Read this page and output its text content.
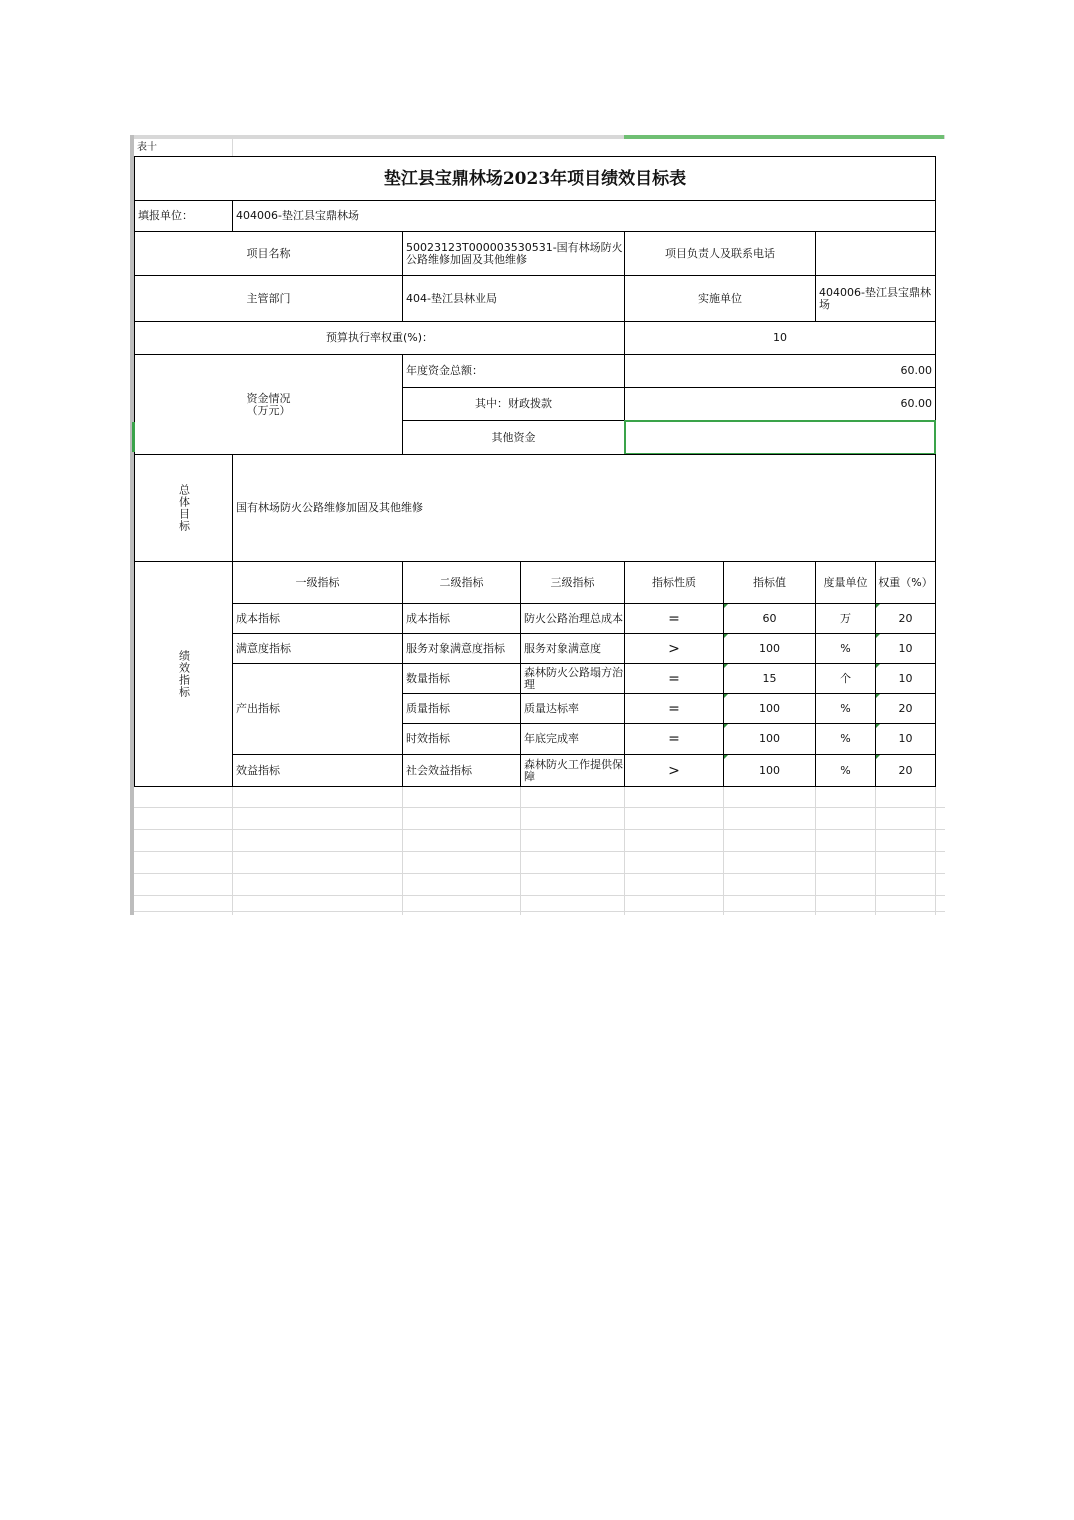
表十
垫江县宝鼎林场2023年项目绩效目标表
填报单位：	404006-垫江县宝鼎林场
项目名称	50023123T000003530531-国有林场防火公路维修加固及其他维修	项目负责人及联系电话
主管部门	404-垫江县林业局	实施单位	404006-垫江县宝鼎林场
预算执行率权重(%)：	10
资金情况
（万元）
年度资金总额：	60.00
其中：财政拨款	60.00
其他资金
总体目标	国有林场防火公路维修加固及其他维修
绩效指标
一级指标	二级指标	三级指标	指标性质	指标值	度量单位 权重（%）
成本指标	成本指标	防火公路治理总成本	=	60	万	20
满意度指标	服务对象满意度指标	服务对象满意度	>	100	%	10
产出指标
数量指标	森林防火公路塌方治理	=	15	个	10
质量指标	质量达标率	=	100	%	20
时效指标	年底完成率	=	100	%	10
效益指标	社会效益指标	森林防火工作提供保障	>	100	%	20
